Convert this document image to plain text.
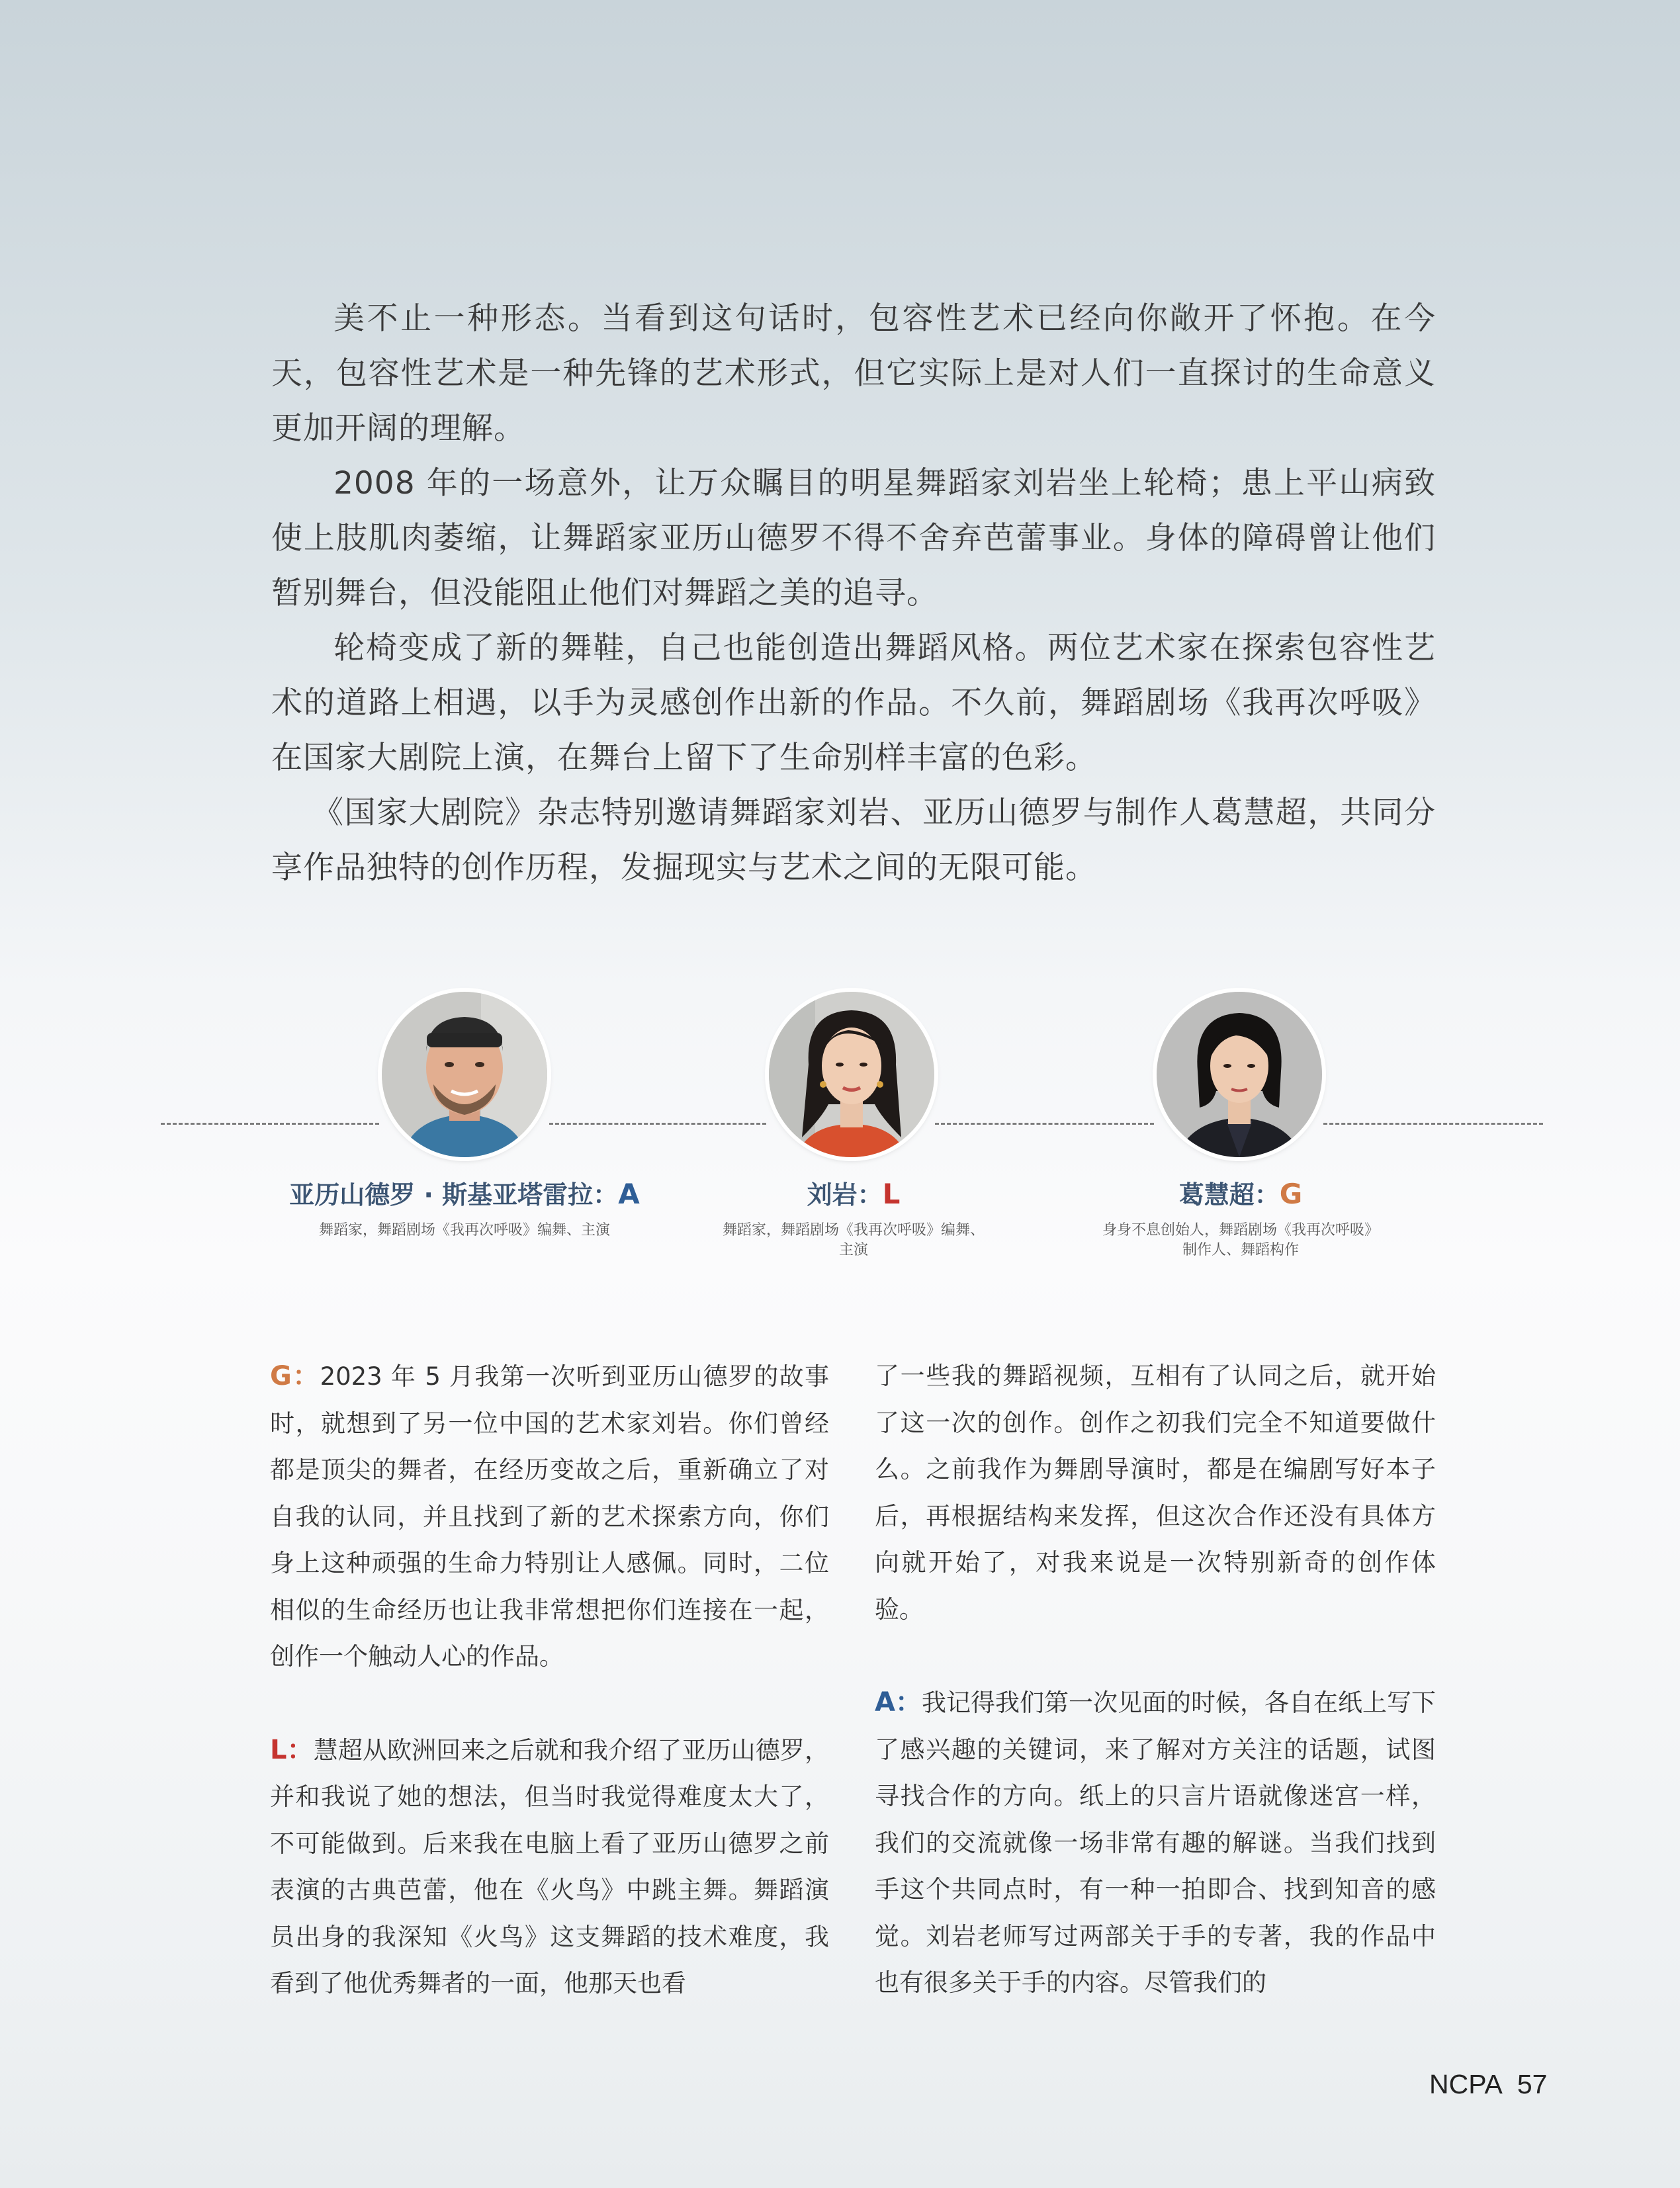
美不止一种形态。当看到这句话时，包容性艺术已经向你敞开了怀抱。在今天，包容性艺术是一种先锋的艺术形式，但它实际上是对人们一直探讨的生命意义更加开阔的理解。

2008 年的一场意外，让万众瞩目的明星舞蹈家刘岩坐上轮椅；患上平山病致使上肢肌肉萎缩，让舞蹈家亚历山德罗不得不舍弃芭蕾事业。身体的障碍曾让他们暂别舞台，但没能阻止他们对舞蹈之美的追寻。

轮椅变成了新的舞鞋，自己也能创造出舞蹈风格。两位艺术家在探索包容性艺术的道路上相遇，以手为灵感创作出新的作品。不久前，舞蹈剧场《我再次呼吸》在国家大剧院上演，在舞台上留下了生命别样丰富的色彩。

《国家大剧院》杂志特别邀请舞蹈家刘岩、亚历山德罗与制作人葛慧超，共同分享作品独特的创作历程，发掘现实与艺术之间的无限可能。

亚历山德罗 · 斯基亚塔雷拉：A
舞蹈家，舞蹈剧场《我再次呼吸》编舞、主演
刘岩：L
舞蹈家，舞蹈剧场《我再次呼吸》编舞、
主演
葛慧超：G
身身不息创始人，舞蹈剧场《我再次呼吸》
制作人、舞蹈构作

G：2023 年 5 月我第一次听到亚历山德罗的故事时，就想到了另一位中国的艺术家刘岩。你们曾经都是顶尖的舞者，在经历变故之后，重新确立了对自我的认同，并且找到了新的艺术探索方向，你们身上这种顽强的生命力特别让人感佩。同时，二位相似的生命经历也让我非常想把你们连接在一起，创作一个触动人心的作品。

L：慧超从欧洲回来之后就和我介绍了亚历山德罗，并和我说了她的想法，但当时我觉得难度太大了，不可能做到。后来我在电脑上看了亚历山德罗之前表演的古典芭蕾，他在《火鸟》中跳主舞。舞蹈演员出身的我深知《火鸟》这支舞蹈的技术难度，我看到了他优秀舞者的一面，他那天也看

了一些我的舞蹈视频，互相有了认同之后，就开始了这一次的创作。创作之初我们完全不知道要做什么。之前我作为舞剧导演时，都是在编剧写好本子后，再根据结构来发挥，但这次合作还没有具体方向就开始了，对我来说是一次特别新奇的创作体验。

A：我记得我们第一次见面的时候，各自在纸上写下了感兴趣的关键词，来了解对方关注的话题，试图寻找合作的方向。纸上的只言片语就像迷宫一样，我们的交流就像一场非常有趣的解谜。当我们找到手这个共同点时，有一种一拍即合、找到知音的感觉。刘岩老师写过两部关于手的专著，我的作品中也有很多关于手的内容。尽管我们的

NCPA 57
